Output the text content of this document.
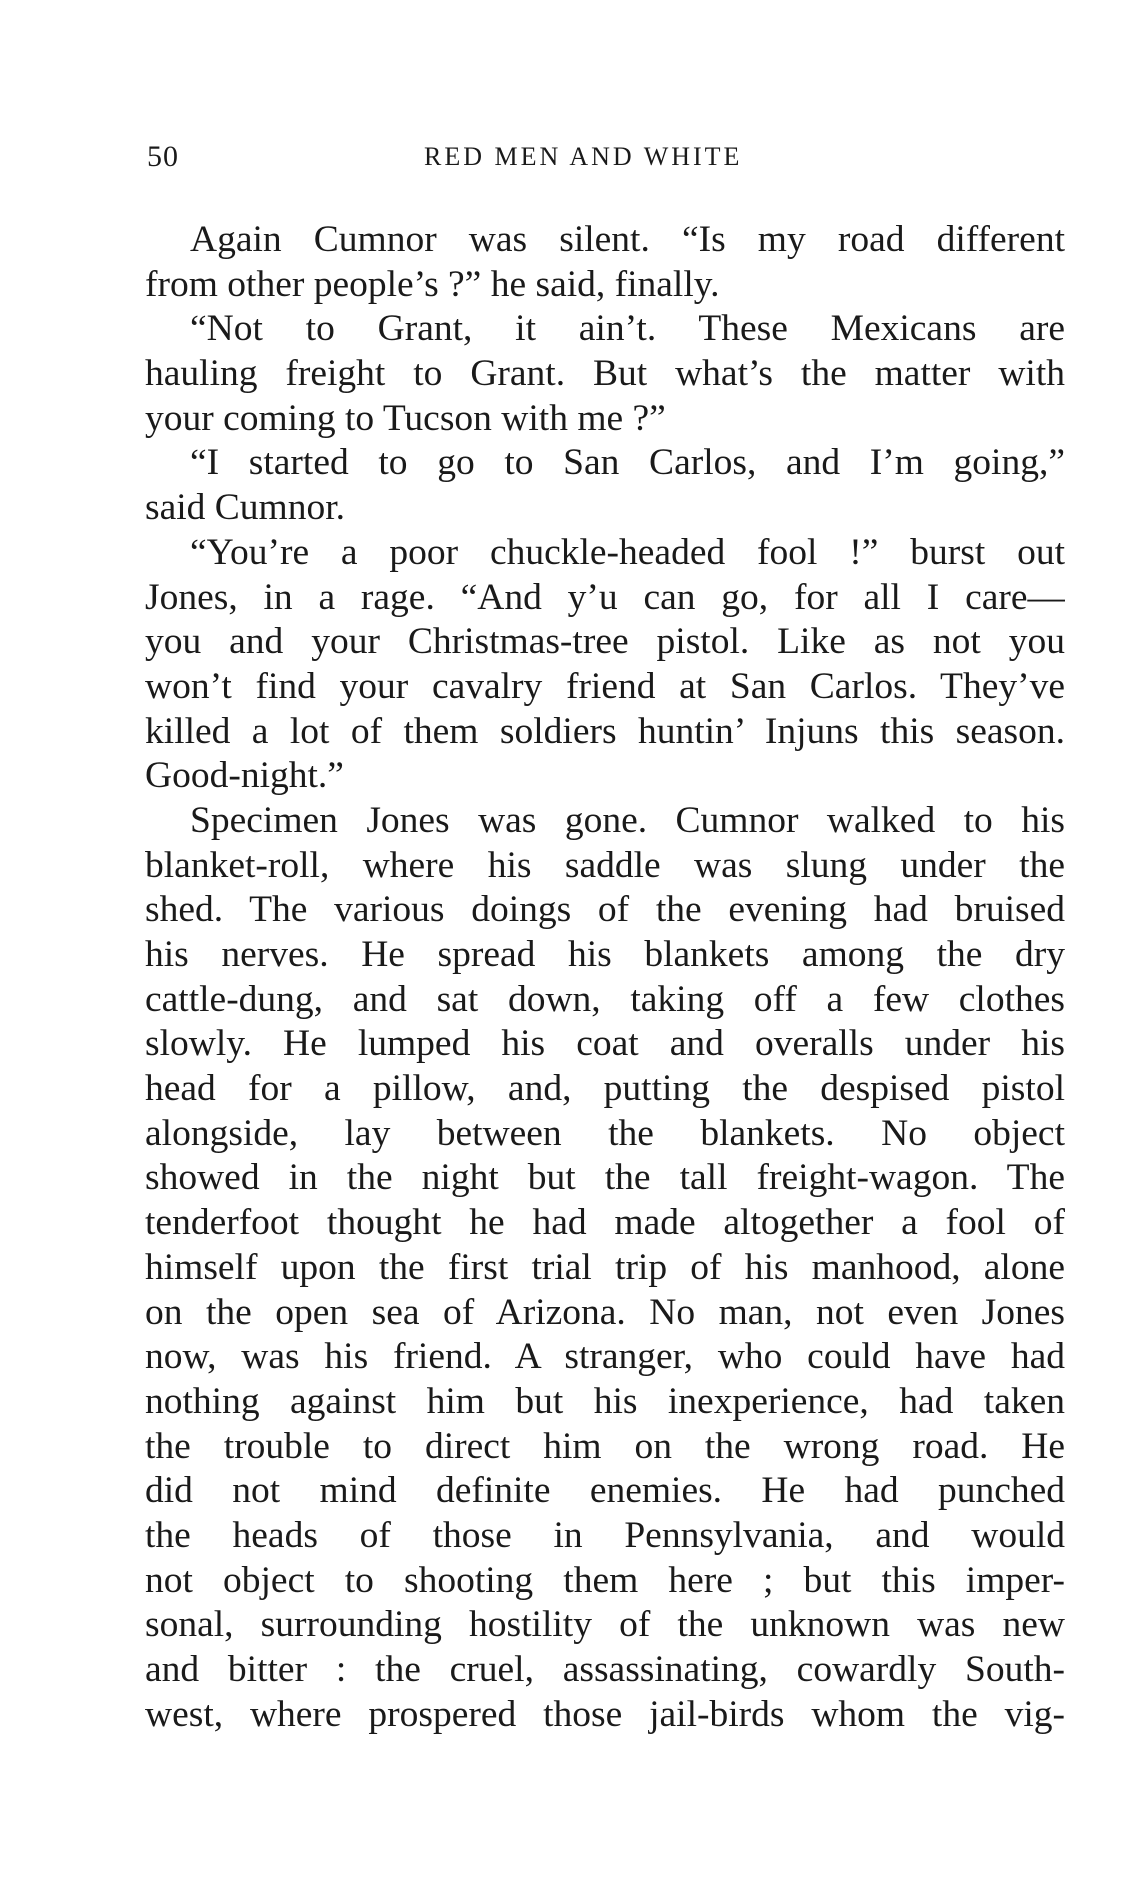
50	RED MEN AND WHITE
Again Cumnor was silent. “Is my road different
from other people’s ?” he said, finally.
“Not to Grant, it ain’t. These Mexicans are
hauling freight to Grant. But what’s the matter with
your coming to Tucson with me ?”
“I started to go to San Carlos, and I’m going,”
said Cumnor.
“You’re a poor chuckle-headed fool !” burst out
Jones, in a rage. “And y’u can go, for all I care—
you and your Christmas-tree pistol. Like as not you
won’t find your cavalry friend at San Carlos. They’ve
killed a lot of them soldiers huntin’ Injuns this season.
Good-night.”
Specimen Jones was gone. Cumnor walked to his
blanket-roll, where his saddle was slung under the
shed. The various doings of the evening had bruised
his nerves. He spread his blankets among the dry
cattle-dung, and sat down, taking off a few clothes
slowly. He lumped his coat and overalls under his
head for a pillow, and, putting the despised pistol
alongside, lay between the blankets. No object
showed in the night but the tall freight-wagon. The
tenderfoot thought he had made altogether a fool of
himself upon the first trial trip of his manhood, alone
on the open sea of Arizona. No man, not even Jones
now, was his friend. A stranger, who could have had
nothing against him but his inexperience, had taken
the trouble to direct him on the wrong road. He
did not mind definite enemies. He had punched
the heads of those in Pennsylvania, and would
not object to shooting them here ; but this imper-
sonal, surrounding hostility of the unknown was new
and bitter : the cruel, assassinating, cowardly South-
west, where prospered those jail-birds whom the vig-
